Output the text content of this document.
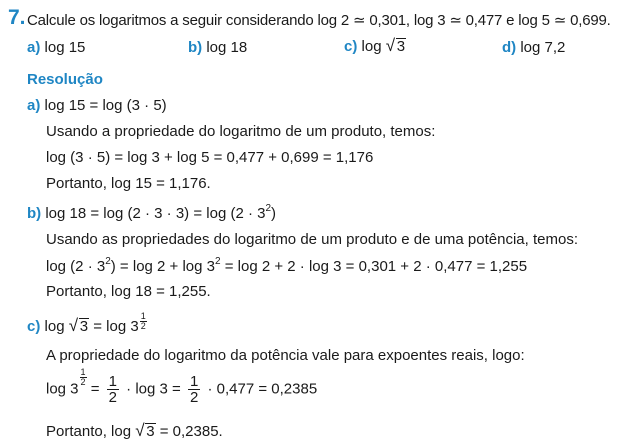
7. Calcule os logaritmos a seguir considerando log 2 ≃ 0,301, log 3 ≃ 0,477 e log 5 ≃ 0,699.
a) log 15	b) log 18	c) log √ 3	d) log 7,2
Resolução
a) log 15 = log (3 · 5)
Usando a propriedade do logaritmo de um produto, temos:
log (3 · 5) = log 3 + log 5 = 0,477 + 0,699 = 1,176
Portanto, log 15 = 1,176.
b) $\log 18 = \log (2 \cdot 3 \cdot 3) = \log (2 \cdot 3^2)$
Usando as propriedades do logaritmo de um produto e de uma potência, temos:
$\log (2 \cdot 3^2) = \log 2 + \log 3^2 = \log 2 + 2 \cdot \log 3 = 0,301 + 2 \cdot 0,477 = 1,255$
Portanto, log 18 = 1,255.
c) log √ $3 = \log 3 \frac{1}{2}$
A propriedade do logaritmo da potência vale para expoentes reais, logo:
log 3
$\frac{1}{2}$
= $\frac{1}{2} \cdot \log 3 = \frac{1}{2} \cdot 0,477 = 0,2385$
Portanto, log √ 3 = 0,2385.
